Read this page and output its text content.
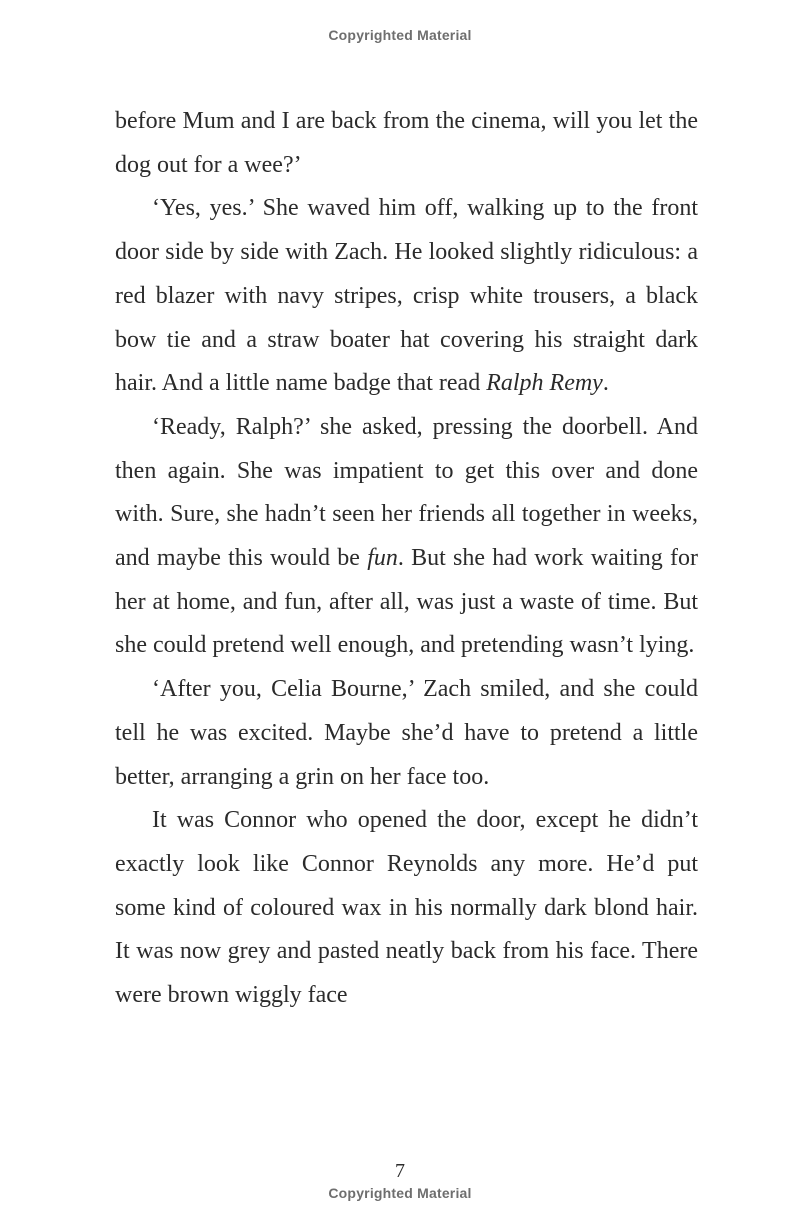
Copyrighted Material

before Mum and I are back from the cinema, will you let the dog out for a wee?’

‘Yes, yes.’ She waved him off, walking up to the front door side by side with Zach. He looked slightly ridiculous: a red blazer with navy stripes, crisp white trousers, a black bow tie and a straw boater hat covering his straight dark hair. And a little name badge that read Ralph Remy.

‘Ready, Ralph?’ she asked, pressing the doorbell. And then again. She was impatient to get this over and done with. Sure, she hadn’t seen her friends all together in weeks, and maybe this would be fun. But she had work waiting for her at home, and fun, after all, was just a waste of time. But she could pretend well enough, and pretending wasn’t lying.

‘After you, Celia Bourne,’ Zach smiled, and she could tell he was excited. Maybe she’d have to pretend a little better, arranging a grin on her face too.

It was Connor who opened the door, except he didn’t exactly look like Connor Reynolds any more. He’d put some kind of coloured wax in his normally dark blond hair. It was now grey and pasted neatly back from his face. There were brown wiggly face

7
Copyrighted Material
